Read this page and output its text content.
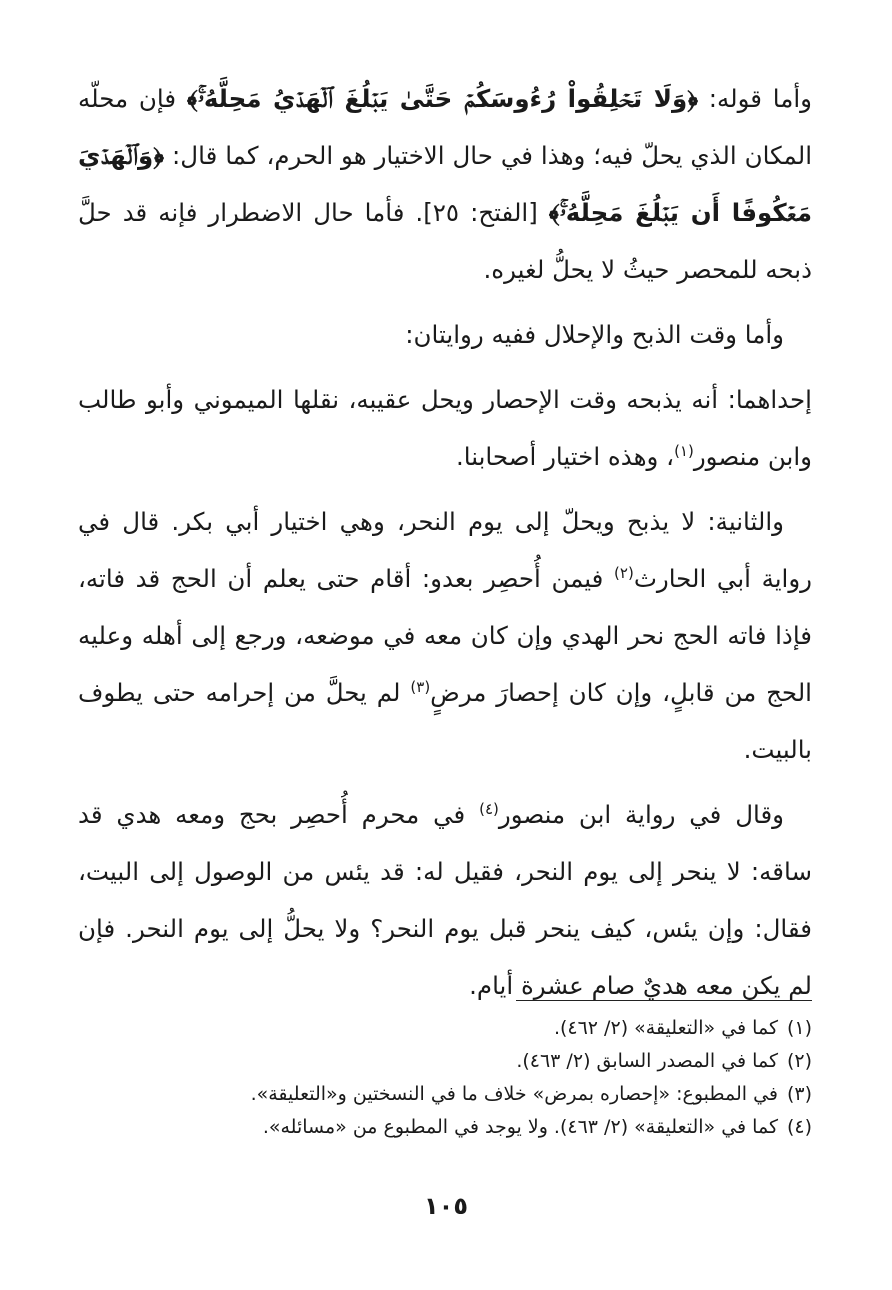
وأما قوله: ﴿وَلَا تَحۡلِقُواْ رُءُوسَكُمۡ حَتَّىٰ يَبۡلُغَ ٱلۡهَدۡيُ مَحِلَّهُۥۚ﴾ فإن محلّه المكان الذي يحلّ فيه؛ وهذا في حال الاختيار هو الحرم، كما قال: ﴿وَٱلۡهَدۡيَ مَعۡكُوفًا أَن يَبۡلُغَ مَحِلَّهُۥۚ﴾ [الفتح: ٢٥]. فأما حال الاضطرار فإنه قد حلَّ ذبحه للمحصر حيثُ لا يحلُّ لغيره.

وأما وقت الذبح والإحلال ففيه روايتان:

إحداهما: أنه يذبحه وقت الإحصار ويحل عقيبه، نقلها الميموني وأبو طالب وابن منصور$^{(١)}$، وهذه اختيار أصحابنا.

والثانية: لا يذبح ويحلّ إلى يوم النحر، وهي اختيار أبي بكر. قال في رواية أبي الحارث$^{(٢)}$ فيمن أُحصِر بعدو: أقام حتى يعلم أن الحج قد فاته، فإذا فاته الحج نحر الهدي وإن كان معه في موضعه، ورجع إلى أهله وعليه الحج من قابلٍ، وإن كان إحصارَ مرضٍ$^{(٣)}$ لم يحلَّ من إحرامه حتى يطوف بالبيت.

وقال في رواية ابن منصور$^{(٤)}$ في محرم أُحصِر بحج ومعه هدي قد ساقه: لا ينحر إلى يوم النحر، فقيل له: قد يئس من الوصول إلى البيت، فقال: وإن يئس، كيف ينحر قبل يوم النحر؟ ولا يحلُّ إلى يوم النحر. فإن لم يكن معه هديٌ صام عشرة أيام.

(١)كما في «التعليقة» (٢/ ٤٦٢).

(٢)كما في المصدر السابق (٢/ ٤٦٣).

(٣)في المطبوع: «إحصاره بمرض» خلاف ما في النسختين و«التعليقة».

(٤)كما في «التعليقة» (٢/ ٤٦٣). ولا يوجد في المطبوع من «مسائله».

١٠٥
